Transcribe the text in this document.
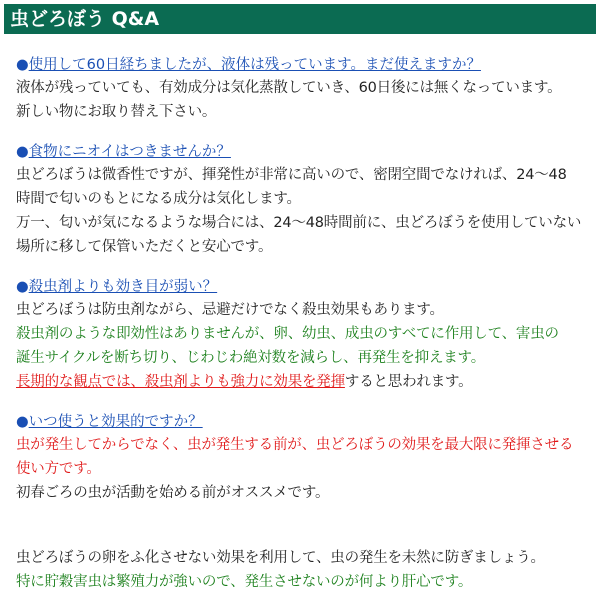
虫どろぼう Q&A
●使用して60日経ちましたが、液体は残っています。まだ使えますか？
液体が残っていても、有効成分は気化蒸散していき、60日後には無くなっています。
新しい物にお取り替え下さい。
●食物にニオイはつきませんか？
虫どろぼうは微香性ですが、揮発性が非常に高いので、密閉空間でなければ、24～48
時間で匂いのもとになる成分は気化します。
万一、匂いが気になるような場合には、24～48時間前に、虫どろぼうを使用していない
場所に移して保管いただくと安心です。
●殺虫剤よりも効き目が弱い？
虫どろぼうは防虫剤ながら、忌避だけでなく殺虫効果もあります。
殺虫剤のような即効性はありませんが、卵、幼虫、成虫のすべてに作用して、害虫の
誕生サイクルを断ち切り、じわじわ絶対数を減らし、再発生を抑えます。
長期的な観点では、殺虫剤よりも強力に効果を発揮すると思われます。
●いつ使うと効果的ですか？
虫が発生してからでなく、虫が発生する前が、虫どろぼうの効果を最大限に発揮させる
使い方です。
初春ごろの虫が活動を始める前がオススメです。
虫どろぼうの卵をふ化させない効果を利用して、虫の発生を未然に防ぎましょう。
特に貯穀害虫は繁殖力が強いので、発生させないのが何より肝心です。
